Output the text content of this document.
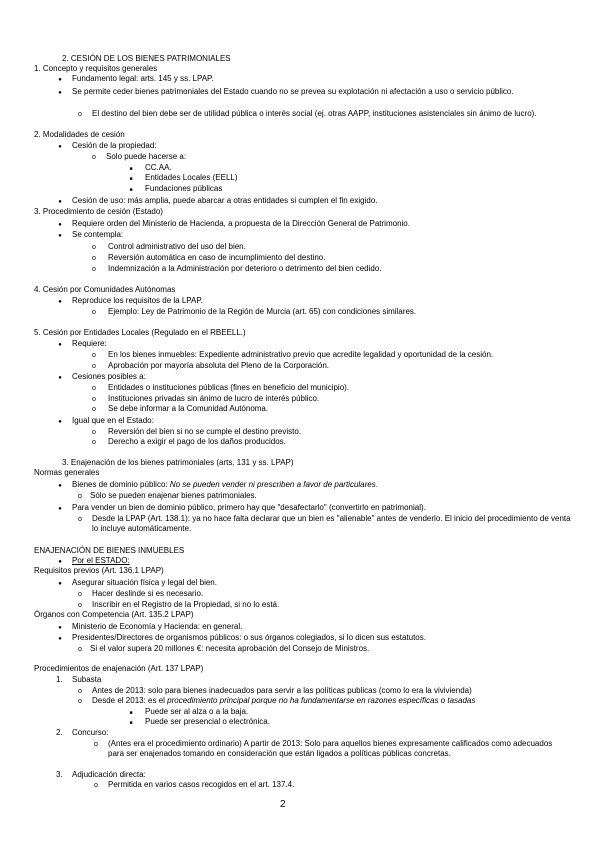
2. CESIÓN DE LOS BIENES PATRIMONIALES
1. Concepto y requisitos generales
●
Fundamento legal: arts. 145 y ss. LPAP.
●
Se permite ceder bienes patrimoniales del Estado cuando no se prevea su explotación ni afectación a uso o servicio público.
o
El destino del bien debe ser de utilidad pública o interés social (ej. otras AAPP, instituciones asistenciales sin ánimo de lucro).
2. Modalidades de cesión
●
Cesión de la propiedad:
o
Solo puede hacerse a:
■
CC.AA.
■
Entidades Locales (EELL)
■
Fundaciones públicas
●
Cesión de uso: más amplia, puede abarcar a otras entidades si cumplen el fin exigido.
3. Procedimiento de cesión (Estado)
●
Requiere orden del Ministerio de Hacienda, a propuesta de la Dirección General de Patrimonio.
●
Se contempla:
o
Control administrativo del uso del bien.
o
Reversión automática en caso de incumplimiento del destino.
o
Indemnización a la Administración por deterioro o detrimento del bien cedido.
4. Cesión por Comunidades Autónomas
●
Reproduce los requisitos de la LPAP.
o
Ejemplo: Ley de Patrimonio de la Región de Murcia (art. 65) con condiciones similares.
5. Cesión por Entidades Locales (Regulado en el RBEELL.)
●
Requiere:
o
En los bienes inmuebles: Expediente administrativo previo que acredite legalidad y oportunidad de la cesión.
o
Aprobación por mayoría absoluta del Pleno de la Corporación.
●
Cesiones posibles a:
o
Entidades o instituciones públicas (fines en beneficio del municipio).
o
Instituciones privadas sin ánimo de lucro de interés público.
o
Se debe informar a la Comunidad Autónoma.
●
Igual que en el Estado:
o
Reversión del bien si no se cumple el destino previsto.
o
Derecho a exigir el pago de los daños producidos.
3. Enajenación de los bienes patrimoniales (arts. 131 y ss. LPAP)
Normas generales
●
Bienes de dominio público: No se pueden vender ni prescriben a favor de particulares.
o
Sólo se pueden enajenar bienes patrimoniales.
●
Para vender un bien de dominio público, primero hay que "desafectarlo" (convertirlo en patrimonial).
o
Desde la LPAP (Art. 138.1): ya no hace falta declarar que un bien es "alienable" antes de venderlo. El inicio del procedimiento de venta lo incluye automáticamente.
ENAJENACIÓN DE BIENES INMUEBLES
●
Por el ESTADO:
Requisitos previos (Art. 136.1 LPAP)
●
Asegurar situación física y legal del bien.
o
Hacer deslinde si es necesario.
o
Inscribir en el Registro de la Propiedad, si no lo está.
Órganos con Competencia (Art. 135.2 LPAP)
●
Ministerio de Economía y Hacienda: en general.
●
Presidentes/Directores de organismos públicos: o sus órganos colegiados, si lo dicen sus estatutos.
o
Si el valor supera 20 millones €: necesita aprobación del Consejo de Ministros.
Procedimientos de enajenación (Art. 137 LPAP)
1. Subasta
o
Antes de 2013: solo para bienes inadecuados para servir a las políticas publicas (como lo era la vivivienda)
o
Desde el 2013: es el procedimiento principal porque no ha fundamentarse en razones específicas o tasadas
■
Puede ser al alza o a la baja.
■
Puede ser presencial o electrónica.
2. Concurso:
o
(Antes era el procedimiento ordinario) A partir de 2013: Solo para aquellos bienes expresamente calificados como adecuados para ser enajenados tomando en consideración que están ligados a políticas públicas concretas.
3. Adjudicación directa:
o
Permitida en varios casos recogidos en el art. 137.4.
2
